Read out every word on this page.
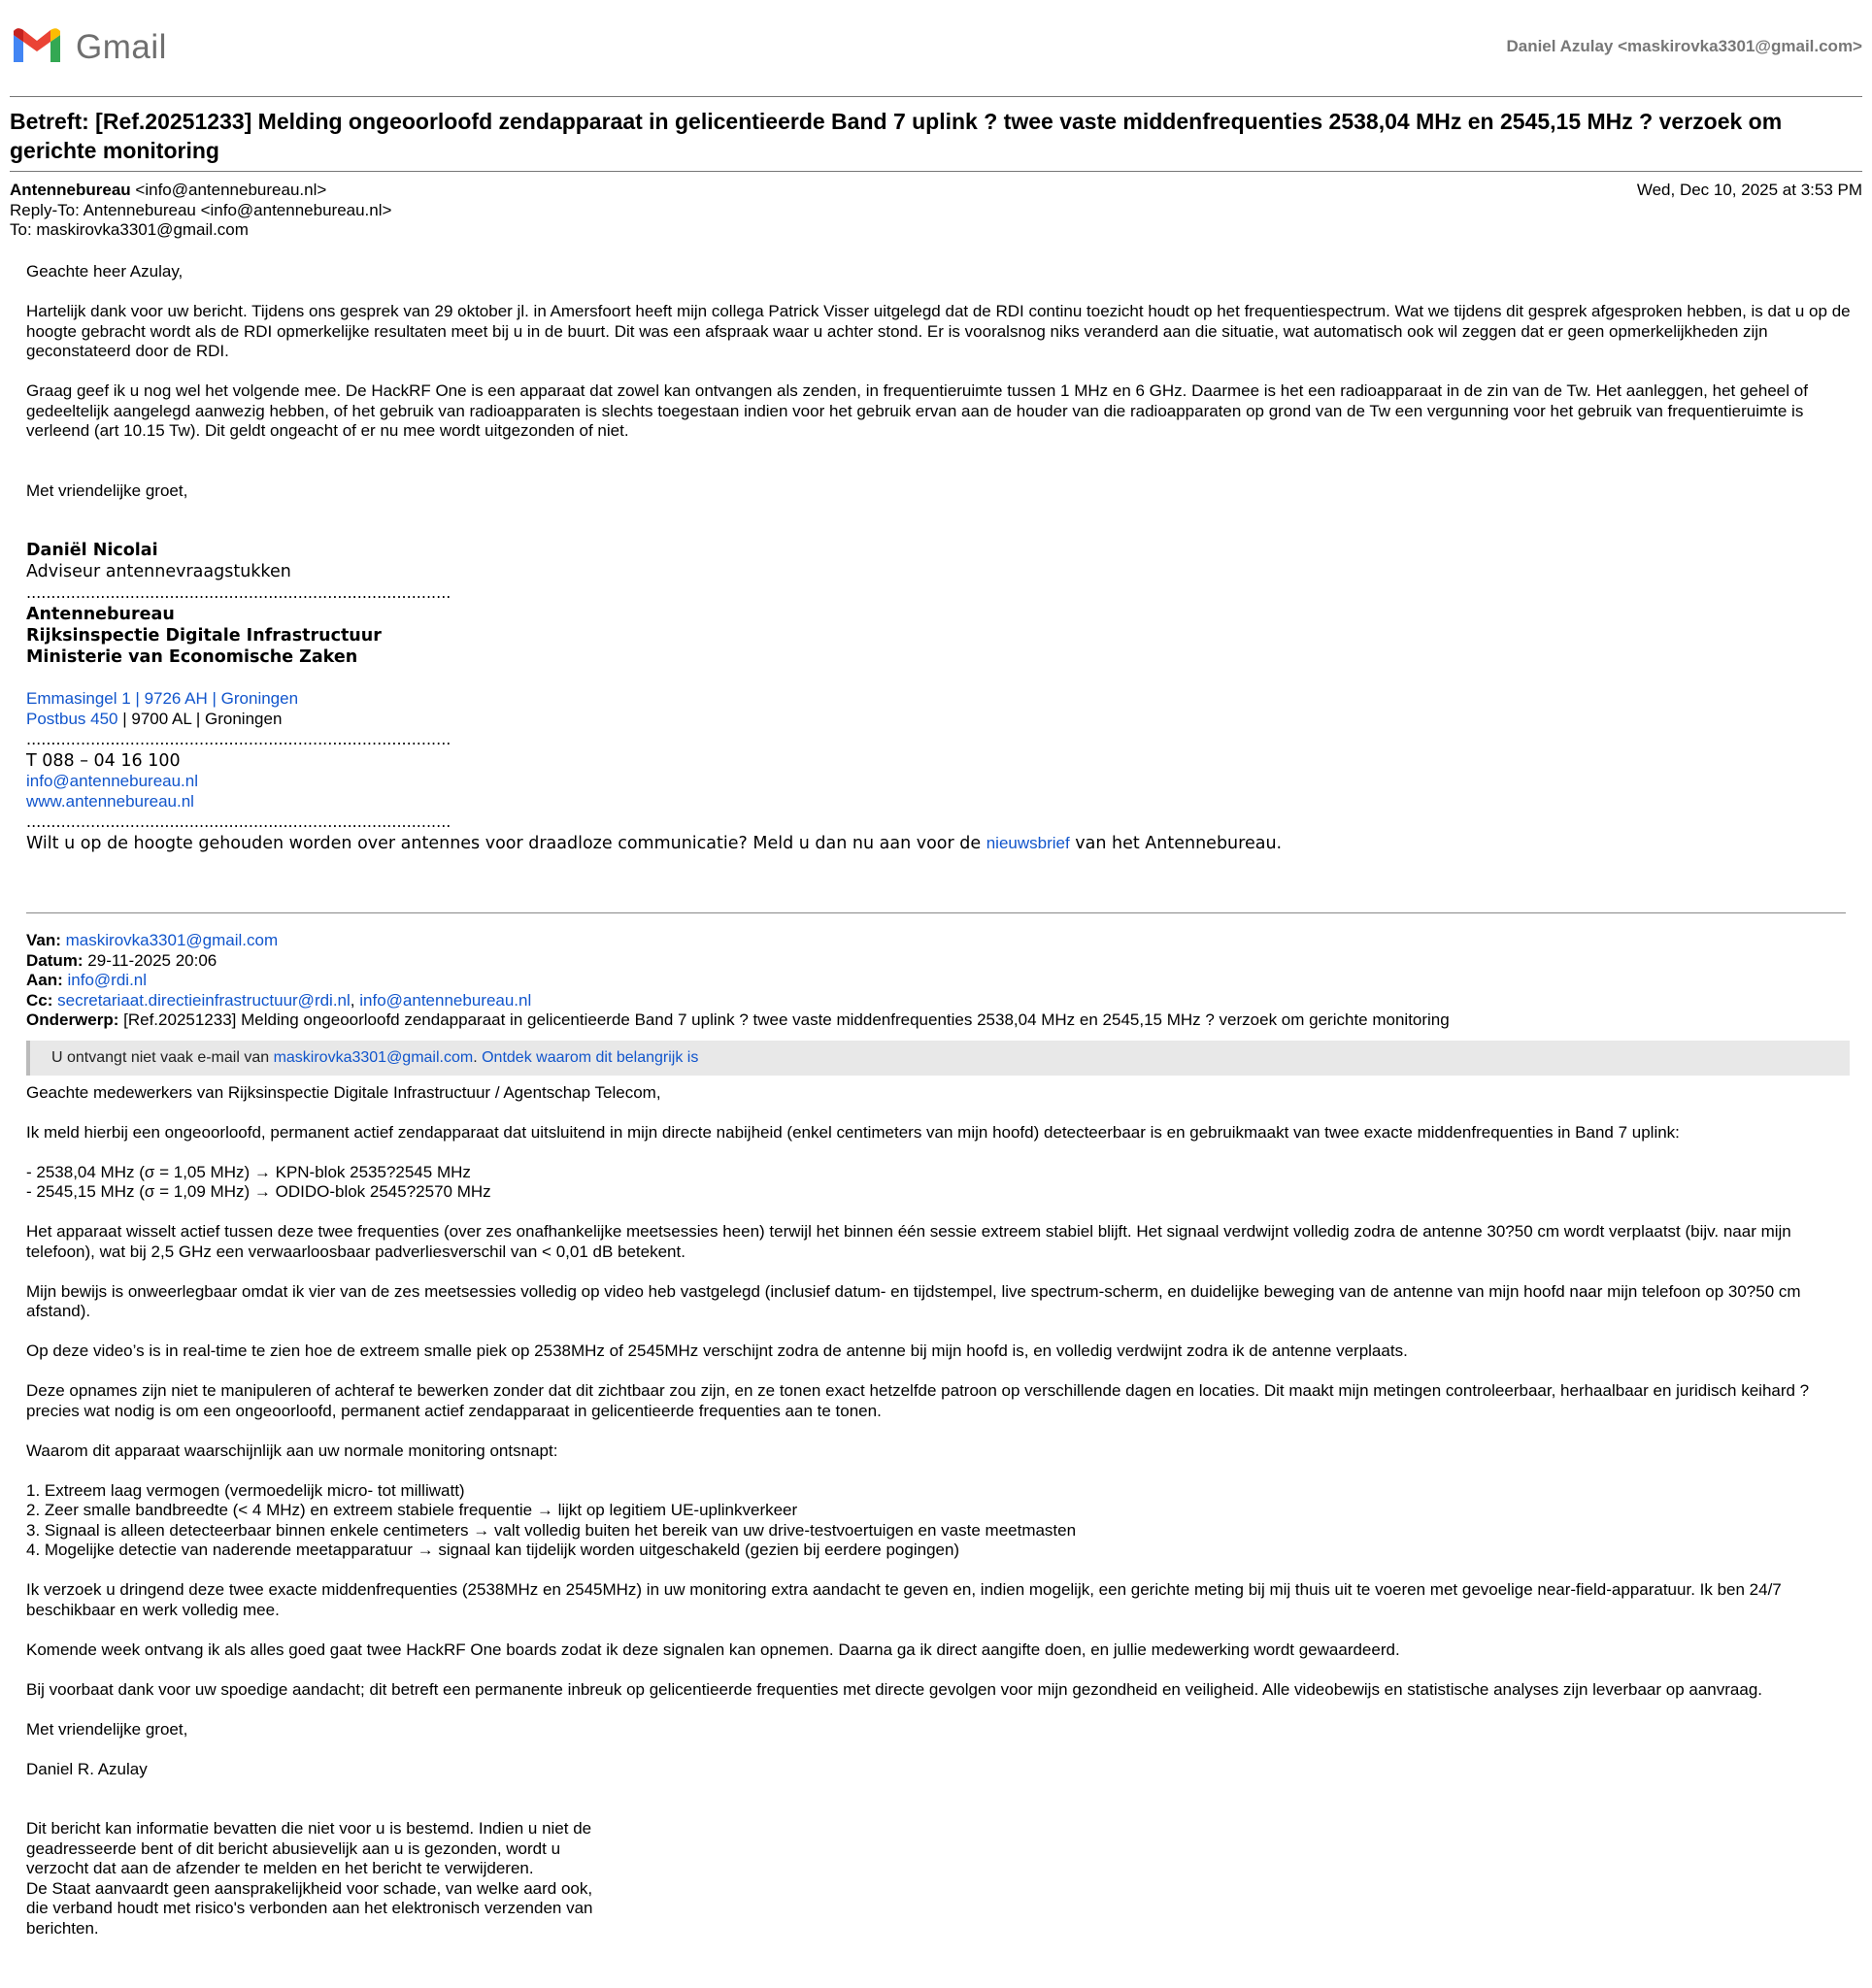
Gmail	Daniel Azulay <maskirovka3301@gmail.com>
Betreft: [Ref.20251233] Melding ongeoorloofd zendapparaat in gelicentieerde Band 7 uplink ? twee vaste middenfrequenties 2538,04 MHz en 2545,15 MHz ? verzoek om gerichte monitoring
Antennebureau <info@antennebureau.nl>	Wed, Dec 10, 2025 at 3:53 PM
Reply-To: Antennebureau <info@antennebureau.nl>
To: maskirovka3301@gmail.com

Geachte heer Azulay,

Hartelijk dank voor uw bericht. Tijdens ons gesprek van 29 oktober jl. in Amersfoort heeft mijn collega Patrick Visser uitgelegd dat de RDI continu toezicht houdt op het frequentiespectrum. Wat we tijdens dit gesprek afgesproken hebben, is dat u op de hoogte gebracht wordt als de RDI opmerkelijke resultaten meet bij u in de buurt. Dit was een afspraak waar u achter stond. Er is vooralsnog niks veranderd aan die situatie, wat automatisch ook wil zeggen dat er geen opmerkelijkheden zijn geconstateerd door de RDI.

Graag geef ik u nog wel het volgende mee. De HackRF One is een apparaat dat zowel kan ontvangen als zenden, in frequentieruimte tussen 1 MHz en 6 GHz. Daarmee is het een radioapparaat in de zin van de Tw. Het aanleggen, het geheel of gedeeltelijk aangelegd aanwezig hebben, of het gebruik van radioapparaten is slechts toegestaan indien voor het gebruik ervan aan de houder van die radioapparaten op grond van de Tw een vergunning voor het gebruik van frequentieruimte is verleend (art 10.15 Tw). Dit geldt ongeacht of er nu mee wordt uitgezonden of niet.

Met vriendelijke groet,

Daniël Nicolai
Adviseur antennevraagstukken
......................................................................................
Antennebureau
Rijksinspectie Digitale Infrastructuur
Ministerie van Economische Zaken
Emmasingel 1 | 9726 AH | Groningen
Postbus 450 | 9700 AL | Groningen
......................................................................................
T 088 – 04 16 100
info@antennebureau.nl
www.antennebureau.nl
......................................................................................
Wilt u op de hoogte gehouden worden over antennes voor draadloze communicatie? Meld u dan nu aan voor de nieuwsbrief van het Antennebureau.
Van: maskirovka3301@gmail.com
Datum: 29-11-2025 20:06
Aan: info@rdi.nl
Cc: secretariaat.directieinfrastructuur@rdi.nl, info@antennebureau.nl
Onderwerp: [Ref.20251233] Melding ongeoorloofd zendapparaat in gelicentieerde Band 7 uplink ? twee vaste middenfrequenties 2538,04 MHz en 2545,15 MHz ? verzoek om gerichte monitoring
U ontvangt niet vaak e-mail van maskirovka3301@gmail.com. Ontdek waarom dit belangrijk is

Geachte medewerkers van Rijksinspectie Digitale Infrastructuur / Agentschap Telecom,

Ik meld hierbij een ongeoorloofd, permanent actief zendapparaat dat uitsluitend in mijn directe nabijheid (enkel centimeters van mijn hoofd) detecteerbaar is en gebruikmaakt van twee exacte middenfrequenties in Band 7 uplink:

- 2538,04 MHz (σ = 1,05 MHz) → KPN-blok 2535?2545 MHz

- 2545,15 MHz (σ = 1,09 MHz) → ODIDO-blok 2545?2570 MHz

Het apparaat wisselt actief tussen deze twee frequenties (over zes onafhankelijke meetsessies heen) terwijl het binnen één sessie extreem stabiel blijft. Het signaal verdwijnt volledig zodra de antenne 30?50 cm wordt verplaatst (bijv. naar mijn telefoon), wat bij 2,5 GHz een verwaarloosbaar padverliesverschil van < 0,01 dB betekent.

Mijn bewijs is onweerlegbaar omdat ik vier van de zes meetsessies volledig op video heb vastgelegd (inclusief datum- en tijdstempel, live spectrum-scherm, en duidelijke beweging van de antenne van mijn hoofd naar mijn telefoon op 30?50 cm afstand).

Op deze video’s is in real-time te zien hoe de extreem smalle piek op 2538MHz of 2545MHz verschijnt zodra de antenne bij mijn hoofd is, en volledig verdwijnt zodra ik de antenne verplaats.

Deze opnames zijn niet te manipuleren of achteraf te bewerken zonder dat dit zichtbaar zou zijn, en ze tonen exact hetzelfde patroon op verschillende dagen en locaties. Dit maakt mijn metingen controleerbaar, herhaalbaar en juridisch keihard ? precies wat nodig is om een ongeoorloofd, permanent actief zendapparaat in gelicentieerde frequenties aan te tonen.

Waarom dit apparaat waarschijnlijk aan uw normale monitoring ontsnapt:

1. Extreem laag vermogen (vermoedelijk micro- tot milliwatt)

2. Zeer smalle bandbreedte (< 4 MHz) en extreem stabiele frequentie → lijkt op legitiem UE-uplinkverkeer

3. Signaal is alleen detecteerbaar binnen enkele centimeters → valt volledig buiten het bereik van uw drive-testvoertuigen en vaste meetmasten

4. Mogelijke detectie van naderende meetapparatuur → signaal kan tijdelijk worden uitgeschakeld (gezien bij eerdere pogingen)

Ik verzoek u dringend deze twee exacte middenfrequenties (2538MHz en 2545MHz) in uw monitoring extra aandacht te geven en, indien mogelijk, een gerichte meting bij mij thuis uit te voeren met gevoelige near-field-apparatuur. Ik ben 24/7 beschikbaar en werk volledig mee.

Komende week ontvang ik als alles goed gaat twee HackRF One boards zodat ik deze signalen kan opnemen. Daarna ga ik direct aangifte doen, en jullie medewerking wordt gewaardeerd.

Bij voorbaat dank voor uw spoedige aandacht; dit betreft een permanente inbreuk op gelicentieerde frequenties met directe gevolgen voor mijn gezondheid en veiligheid. Alle videobewijs en statistische analyses zijn leverbaar op aanvraag.

Met vriendelijke groet,

Daniel R. Azulay

Dit bericht kan informatie bevatten die niet voor u is bestemd. Indien u niet de geadresseerde bent of dit bericht abusievelijk aan u is gezonden, wordt u verzocht dat aan de afzender te melden en het bericht te verwijderen.

De Staat aanvaardt geen aansprakelijkheid voor schade, van welke aard ook, die verband houdt met risico's verbonden aan het elektronisch verzenden van berichten.
